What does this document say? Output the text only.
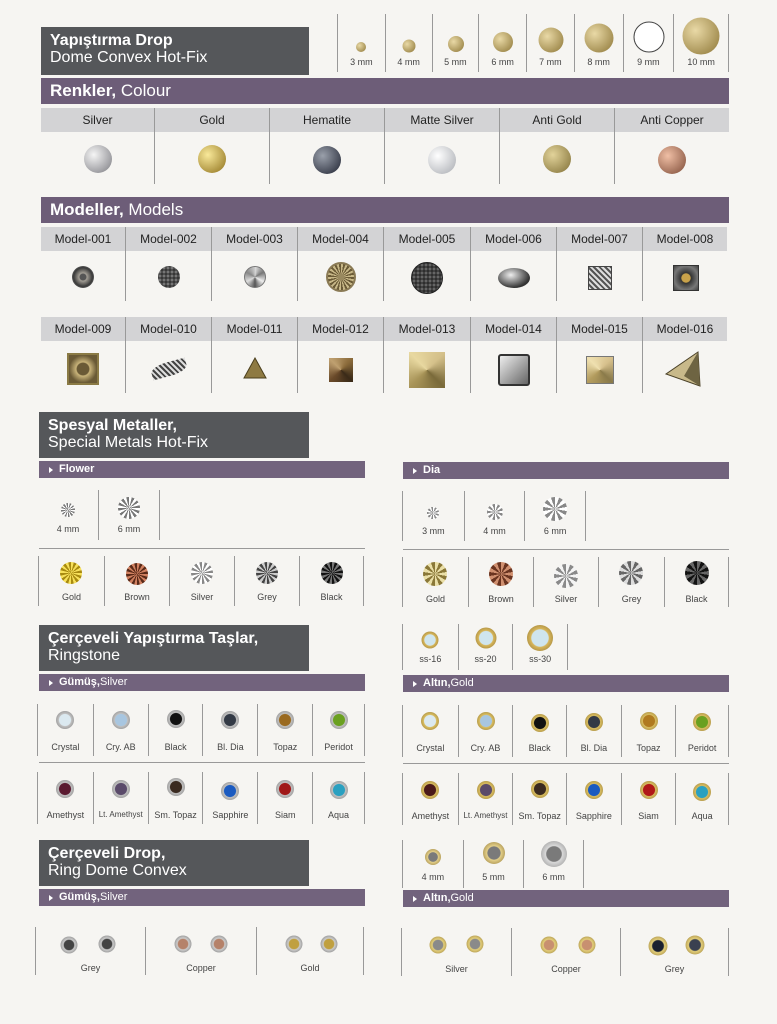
Yapıştırma Drop
Dome Convex Hot-Fix	3 mm	4 mm	5 mm	6 mm	7 mm	8 mm	9 mm	10 mm
Renkler, Colour
Silver	Gold	Hematite	Matte Silver	Anti Gold	Anti Copper
Modeller, Models
Model-001	Model-002	Model-003	Model-004	Model-005	Model-006	Model-007	Model-008
Model-009	Model-010	Model-011	Model-012	Model-013	Model-014	Model-015	Model-016
Spesyal Metaller,
Special Metals Hot-Fix
Flower	Dia
4 mm	6 mm	3 mm	4 mm	6 mm
Gold	Brown	Silver	Grey	Black	Gold	Brown	Silver	Grey	Black
Çerçeveli Yapıştırma Taşlar,
Ringstone	ss-16	ss-20	ss-30
Gümüş, Silver	Altın, Gold
Crystal	Cry. AB	Black	Bl. Dia	Topaz	Peridot
Amethyst	Lt. Amethyst	Sm. Topaz	Sapphire	Siam	Aqua
Crystal	Cry. AB	Black	Bl. Dia	Topaz	Peridot
Amethyst	Lt. Amethyst	Sm. Topaz	Sapphire	Siam	Aqua
Çerçeveli Drop,
Ring Dome Convex	4 mm	5 mm	6 mm
Gümüş, Silver	Altın, Gold
Grey	Copper	Gold	Silver	Copper	Grey
